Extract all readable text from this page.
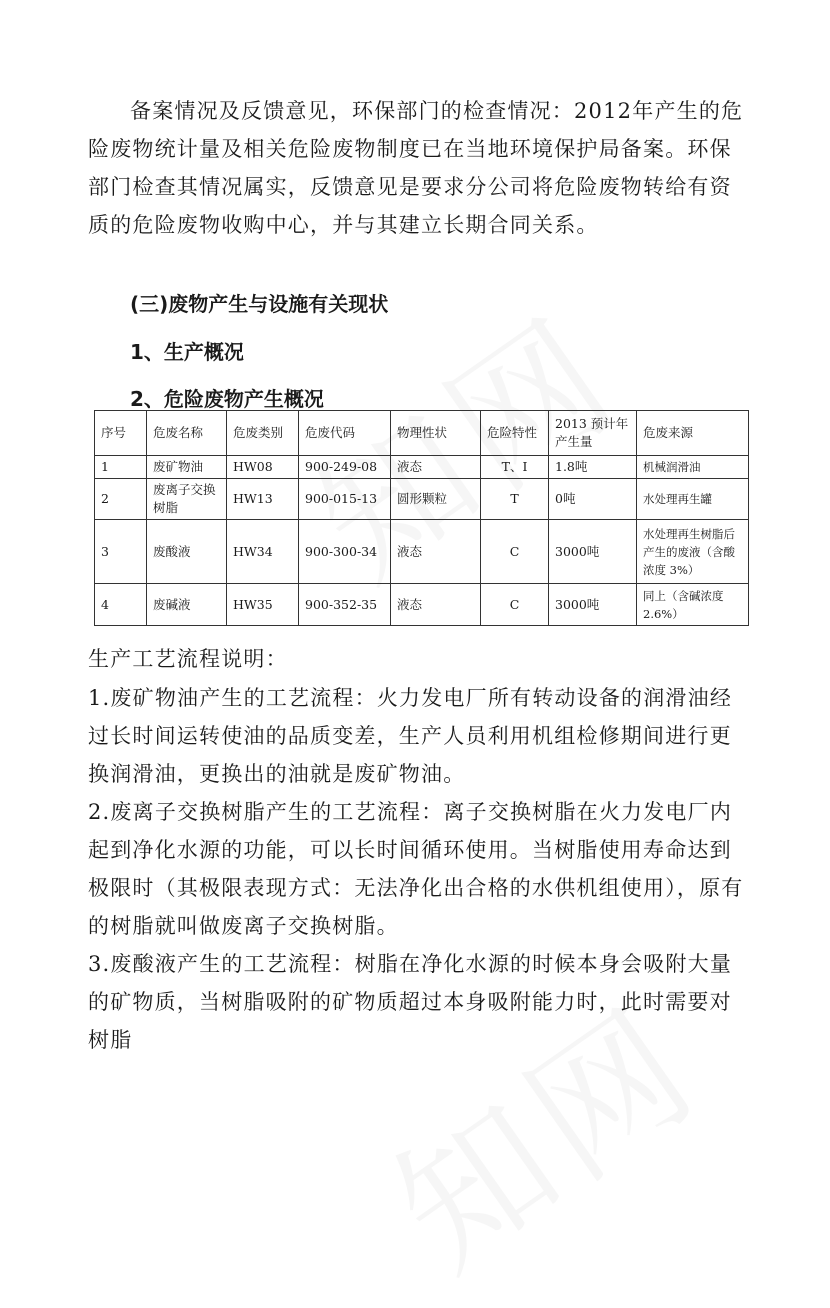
备案情况及反馈意见，环保部门的检查情况：2012年产生的危险废物统计量及相关危险废物制度已在当地环境保护局备案。环保部门检查其情况属实，反馈意见是要求分公司将危险废物转给有资质的危险废物收购中心，并与其建立长期合同关系。
(三)废物产生与设施有关现状
1、生产概况
2、危险废物产生概况
序号	危废名称	危废类别	危废代码	物理性状	危险特性	2013 预计年产生量	危废来源
1	废矿物油	HW08	900-249-08	液态	T、I	1.8吨	机械润滑油
2	废离子交换树脂	HW13	900-015-13	圆形颗粒	T	0吨	水处理再生罐
3	废酸液	HW34	900-300-34	液态	C	3000吨	水处理再生树脂后产生的废液（含酸浓度 3%）
4	废碱液	HW35	900-352-35	液态	C	3000吨	同上（含碱浓度 2.6%）
生产工艺流程说明：

1.废矿物油产生的工艺流程：火力发电厂所有转动设备的润滑油经过长时间运转使油的品质变差，生产人员利用机组检修期间进行更换润滑油，更换出的油就是废矿物油。

2.废离子交换树脂产生的工艺流程：离子交换树脂在火力发电厂内起到净化水源的功能，可以长时间循环使用。当树脂使用寿命达到极限时（其极限表现方式：无法净化出合格的水供机组使用），原有的树脂就叫做废离子交换树脂。

3.废酸液产生的工艺流程：树脂在净化水源的时候本身会吸附大量的矿物质，当树脂吸附的矿物质超过本身吸附能力时，此时需要对树脂
